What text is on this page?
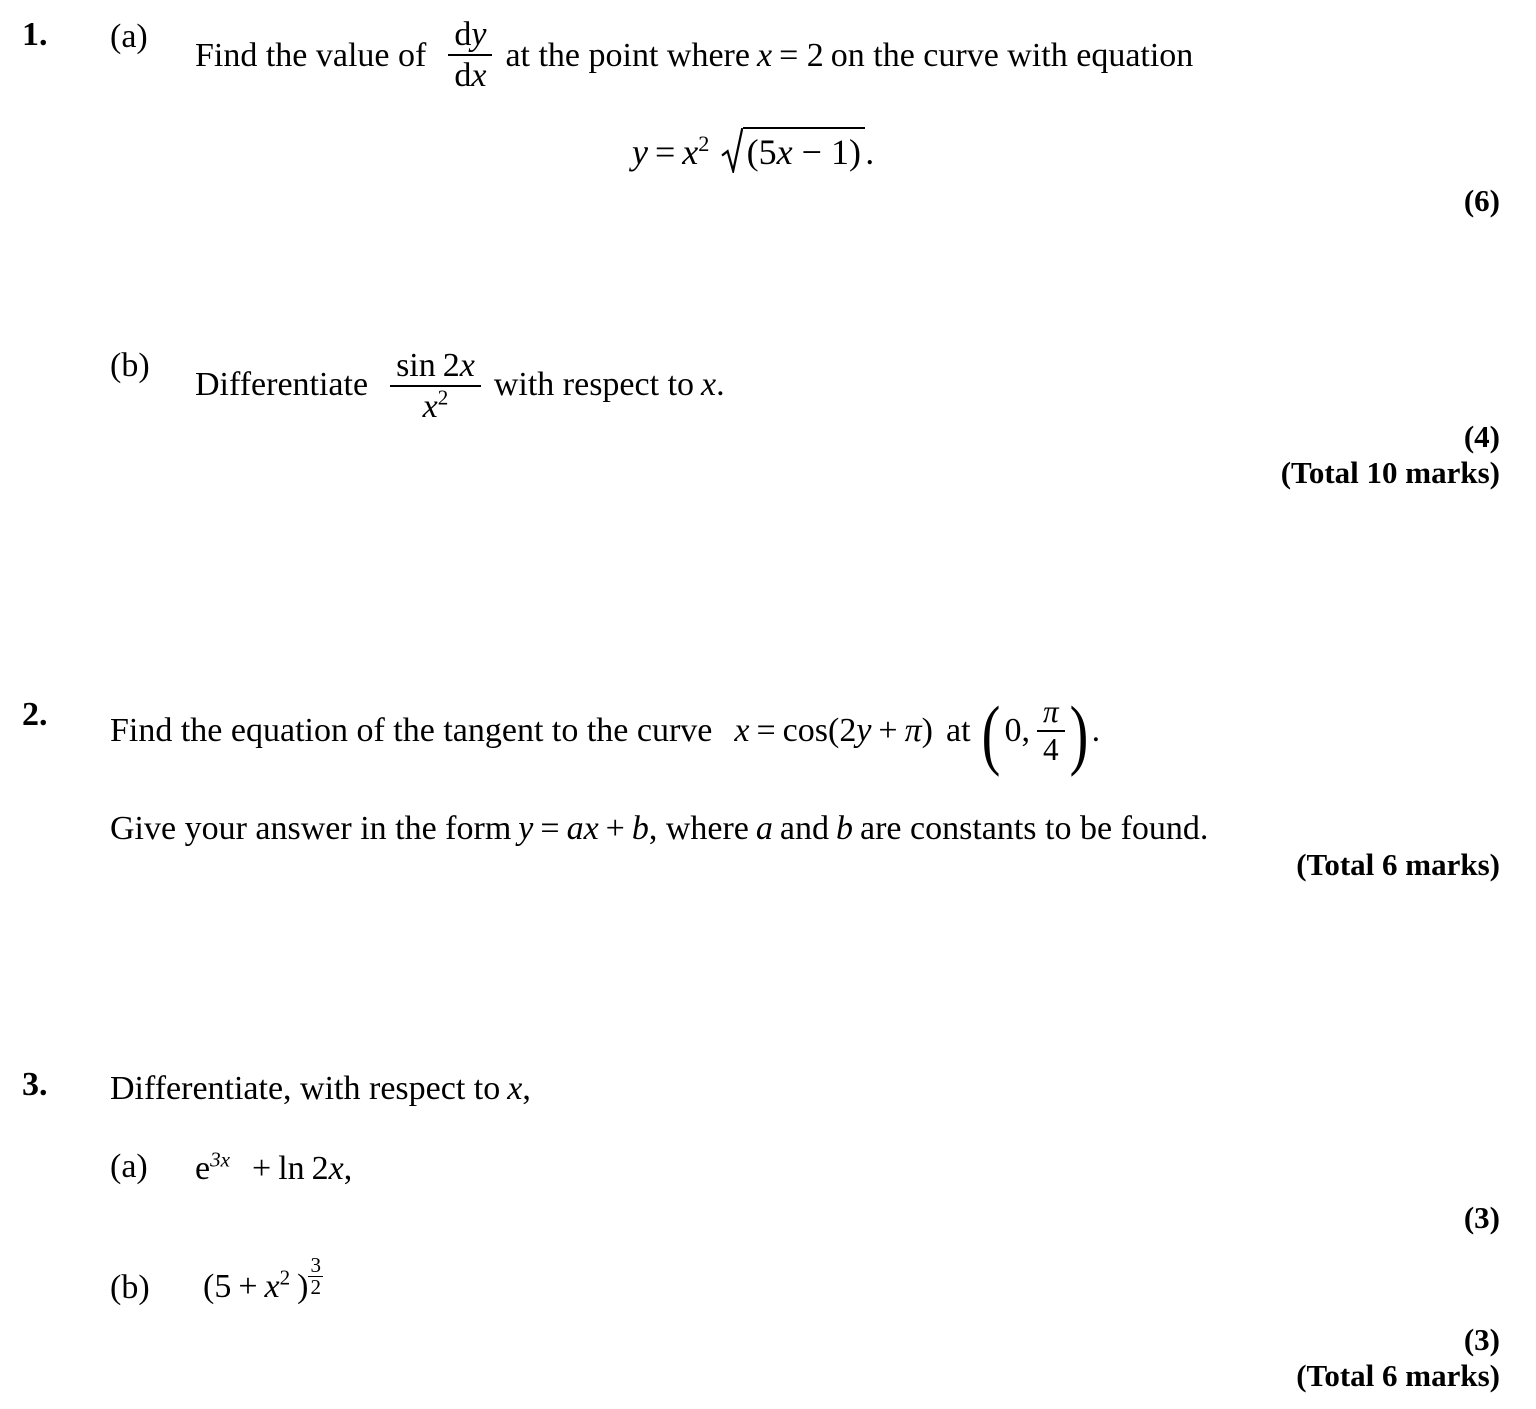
1. (a)
Find the value of $\frac{dy}{dx}$ at the point where x = 2 on the curve with equation
$y = x^2$ (5x − 1) .
(6)
(b)
Differentiate $\frac{\sin 2x}{x^2}$ with respect to x.
(4)
(Total 10 marks)
2. Find the equation of the tangent to the curve x = cos(2y + π) at ( 0, $\frac{\pi}{4}$ ) .
Give your answer in the form y = ax + b, where a and b are constants to be found.
(Total 6 marks)
3. Differentiate, with respect to x,
(a) $e^{3x} + \ln 2x$,
(3)
(b) ($5 + x^2$ ) $\frac{3}{2}$
(3)
(Total 6 marks)
